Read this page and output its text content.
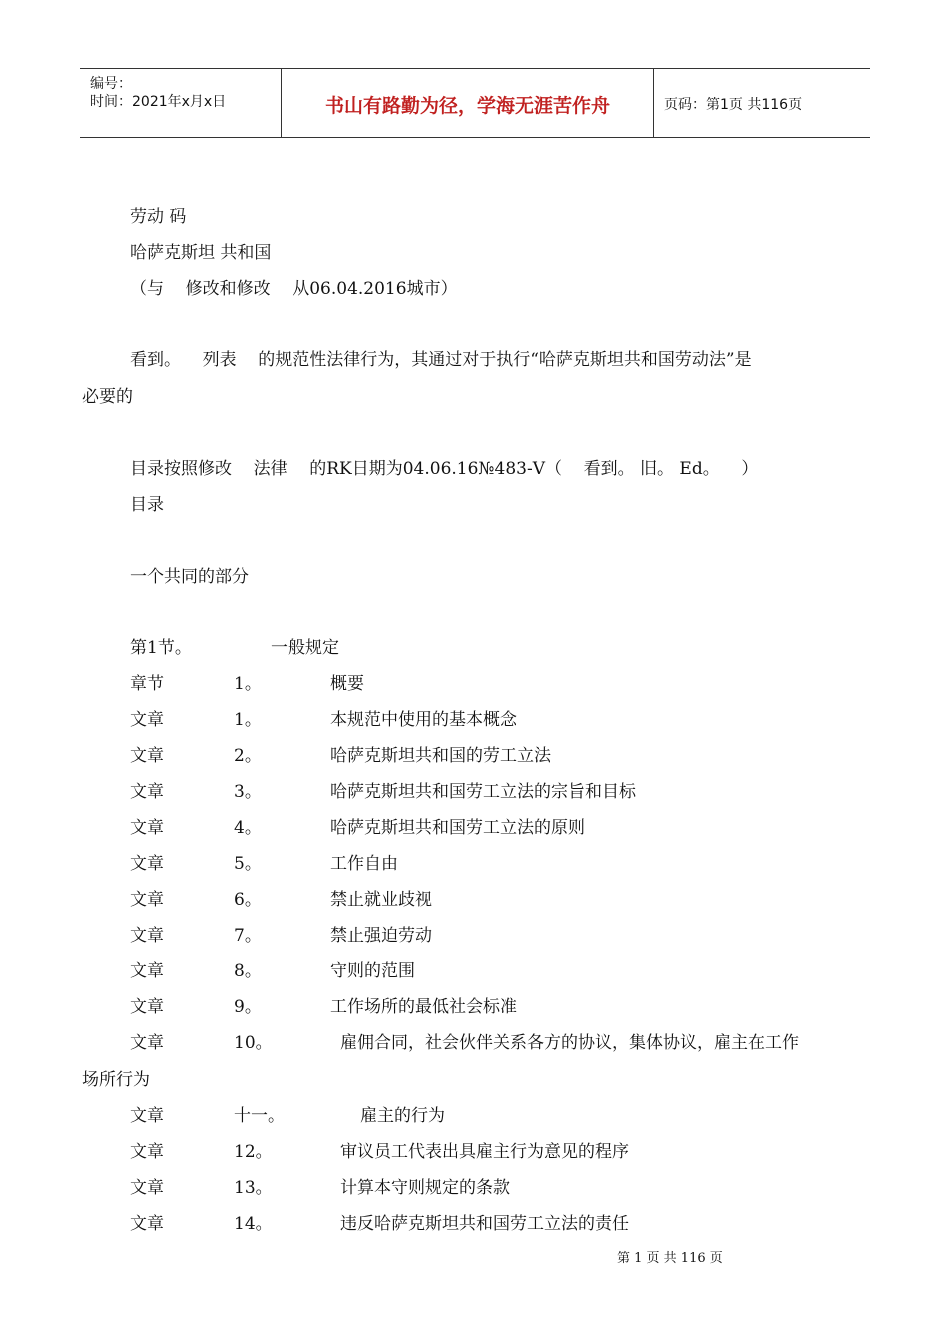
编号：
时间：2021年x月x日	书山有路勤为径，学海无涯苦作舟	页码：第1页 共116页
劳动 码
哈萨克斯坦 共和国
（与    修改和修改    从06.04.2016城市）
看到。    列表    的规范性法律行为，其通过对于执行“哈萨克斯坦共和国劳动法”是
必要的
目录按照修改    法律    的RK日期为04.06.16№483-V（    看到。 旧。 Ed。    ）
目录
一个共同的部分
第1节。	一般规定
章节	1。	概要
文章	1。	本规范中使用的基本概念
文章	2。	哈萨克斯坦共和国的劳工立法
文章	3。	哈萨克斯坦共和国劳工立法的宗旨和目标
文章	4。	哈萨克斯坦共和国劳工立法的原则
文章	5。	工作自由
文章	6。	禁止就业歧视
文章	7。	禁止强迫劳动
文章	8。	守则的范围
文章	9。	工作场所的最低社会标准
文章	10。	雇佣合同，社会伙伴关系各方的协议，集体协议，雇主在工作
场所行为
文章	十一。	雇主的行为
文章	12。	审议员工代表出具雇主行为意见的程序
文章	13。	计算本守则规定的条款
文章	14。	违反哈萨克斯坦共和国劳工立法的责任
第 1 页 共 116 页
